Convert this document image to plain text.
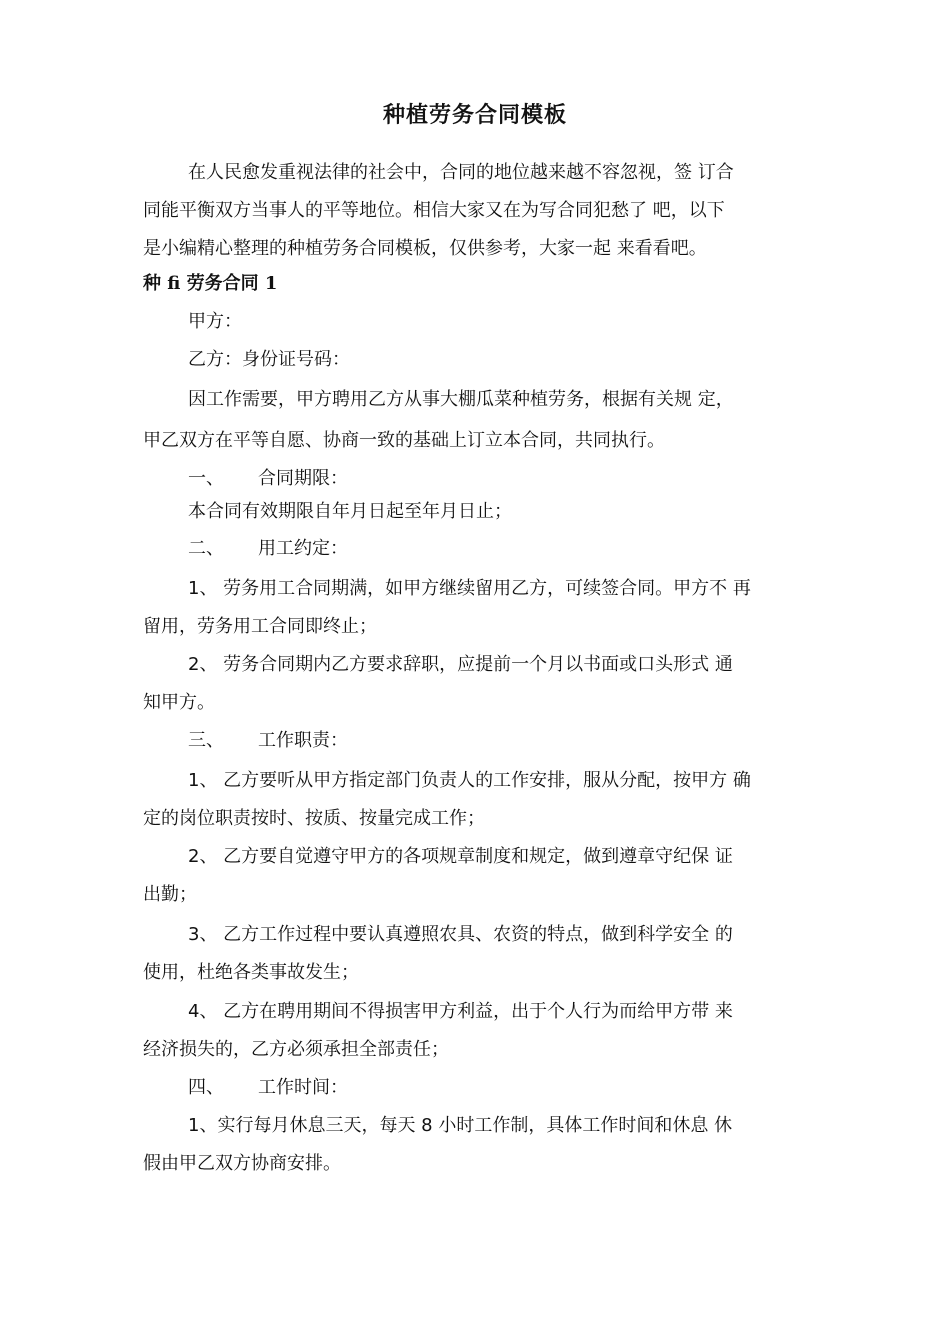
种植劳务合同模板
在人民愈发重视法律的社会中，合同的地位越来越不容忽视，签 订合
同能平衡双方当事人的平等地位。相信大家又在为写合同犯愁了 吧，以下
是小编精心整理的种植劳务合同模板，仅供参考，大家一起 来看看吧。
种 fi 劳务合同 1
甲方：
乙方：身份证号码：
因工作需要，甲方聘用乙方从事大棚瓜菜种植劳务，根据有关规 定，
甲乙双方在平等自愿、协商一致的基础上订立本合同，共同执行。
一、 合同期限：
本合同有效期限自年月日起至年月日止；
二、 用工约定：
1、 劳务用工合同期满，如甲方继续留用乙方，可续签合同。甲方不 再
留用，劳务用工合同即终止；
2、 劳务合同期内乙方要求辞职，应提前一个月以书面或口头形式 通
知甲方。
三、 工作职责：
1、 乙方要听从甲方指定部门负责人的工作安排，服从分配，按甲方 确
定的岗位职责按时、按质、按量完成工作；
2、 乙方要自觉遵守甲方的各项规章制度和规定，做到遵章守纪保 证
出勤；
3、 乙方工作过程中要认真遵照农具、农资的特点，做到科学安全 的
使用，杜绝各类事故发生；
4、 乙方在聘用期间不得损害甲方利益，出于个人行为而给甲方带 来
经济损失的，乙方必须承担全部责任；
四、 工作时间：
1、实行每月休息三天，每天 8 小时工作制，具体工作时间和休息 休
假由甲乙双方协商安排。
